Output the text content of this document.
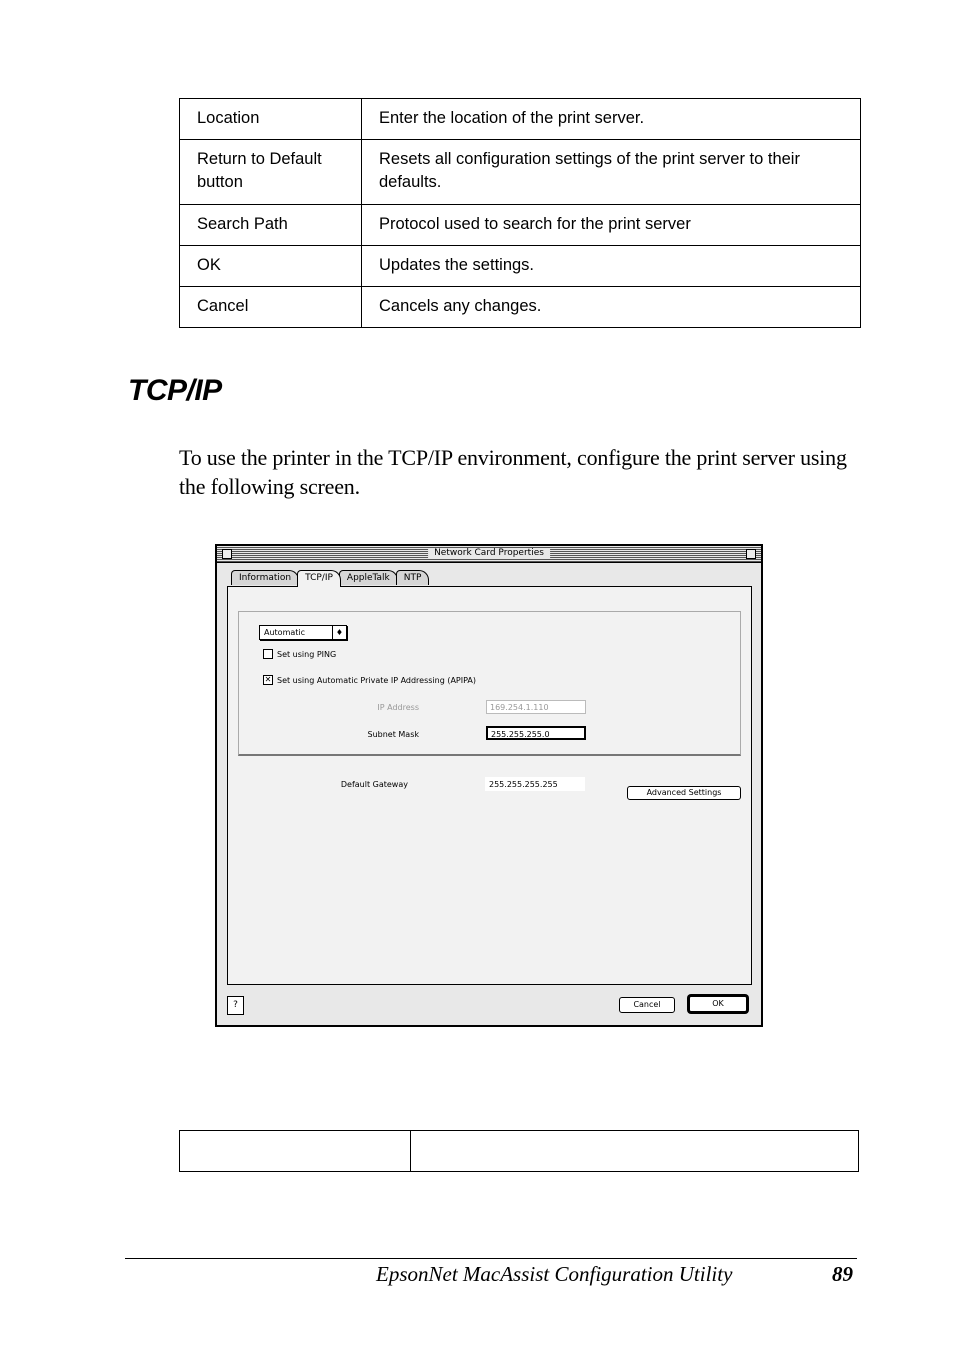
Location	Enter the location of the print server.
Return to Default button	Resets all configuration settings of the print server to their defaults.
Search Path	Protocol used to search for the print server
OK	Updates the settings.
Cancel	Cancels any changes.
TCP/IP

To use the printer in the TCP/IP environment, configure the print server using the following screen.

Network Card Properties
Information	TCP/IP	AppleTalk	NTP
Automatic	♦
Set using PING
✕ Set using Automatic Private IP Addressing (APIPA)
IP Address	169.254.1.110
Subnet Mask	255.255.255.0
Default Gateway	255.255.255.255
Advanced Settings
?	Cancel	OK

EpsonNet MacAssist Configuration Utility	89
